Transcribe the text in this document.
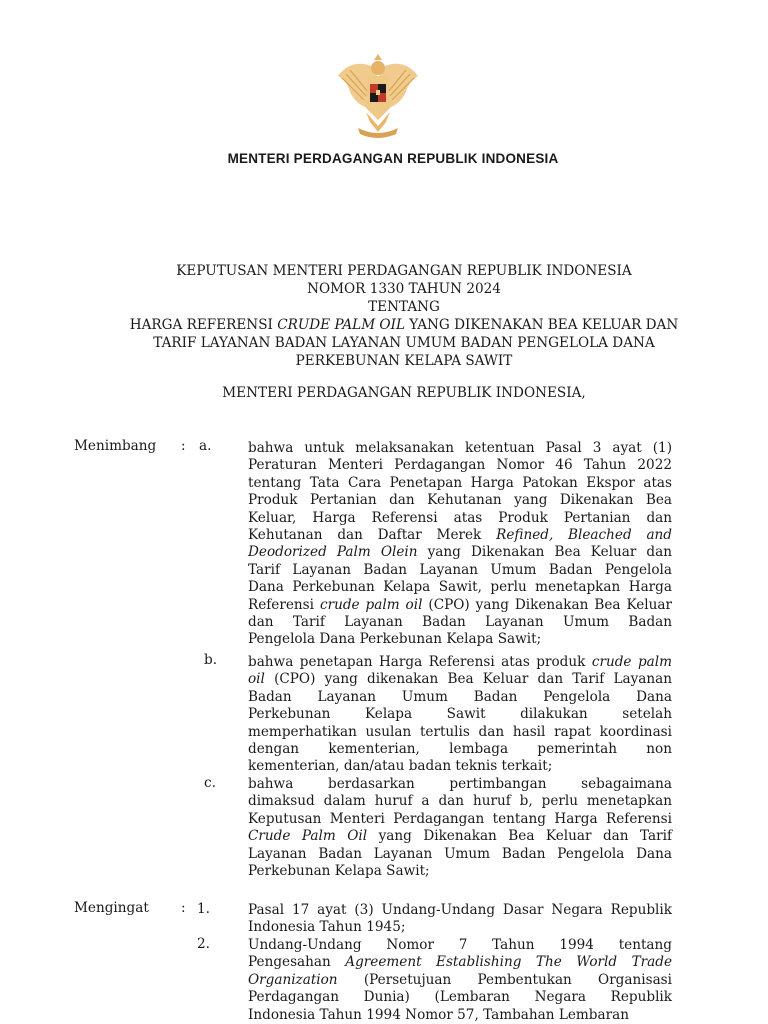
MENTERI PERDAGANGAN REPUBLIK INDONESIA
KEPUTUSAN MENTERI PERDAGANGAN REPUBLIK INDONESIA
NOMOR 1330 TAHUN 2024
TENTANG
HARGA REFERENSI CRUDE PALM OIL YANG DIKENAKAN BEA KELUAR DAN
TARIF LAYANAN BADAN LAYANAN UMUM BADAN PENGELOLA DANA
PERKEBUNAN KELAPA SAWIT
MENTERI PERDAGANGAN REPUBLIK INDONESIA,
Menimbang : a.	bahwa untuk melaksanakan ketentuan Pasal 3 ayat (1)
Peraturan Menteri Perdagangan Nomor 46 Tahun 2022
tentang Tata Cara Penetapan Harga Patokan Ekspor atas
Produk Pertanian dan Kehutanan yang Dikenakan Bea
Keluar, Harga Referensi atas Produk Pertanian dan
Kehutanan dan Daftar Merek Refined, Bleached and
Deodorized Palm Olein yang Dikenakan Bea Keluar dan
Tarif Layanan Badan Layanan Umum Badan Pengelola
Dana Perkebunan Kelapa Sawit, perlu menetapkan Harga
Referensi crude palm oil (CPO) yang Dikenakan Bea Keluar
dan Tarif Layanan Badan Layanan Umum Badan
Pengelola Dana Perkebunan Kelapa Sawit;
b. bahwa penetapan Harga Referensi atas produk crude palm
oil (CPO) yang dikenakan Bea Keluar dan Tarif Layanan
Badan Layanan Umum Badan Pengelola Dana
Perkebunan Kelapa Sawit dilakukan setelah
memperhatikan usulan tertulis dan hasil rapat koordinasi
dengan kementerian, lembaga pemerintah non
kementerian, dan/atau badan teknis terkait;
c. bahwa berdasarkan pertimbangan sebagaimana
dimaksud dalam huruf a dan huruf b, perlu menetapkan
Keputusan Menteri Perdagangan tentang Harga Referensi
Crude Palm Oil yang Dikenakan Bea Keluar dan Tarif
Layanan Badan Layanan Umum Badan Pengelola Dana
Perkebunan Kelapa Sawit;
Mengingat : 1.	Pasal 17 ayat (3) Undang-Undang Dasar Negara Republik
Indonesia Tahun 1945;
2.	Undang-Undang Nomor 7 Tahun 1994 tentang
Pengesahan Agreement Establishing The World Trade
Organization (Persetujuan Pembentukan Organisasi
Perdagangan Dunia) (Lembaran Negara Republik
Indonesia Tahun 1994 Nomor 57, Tambahan Lembaran
